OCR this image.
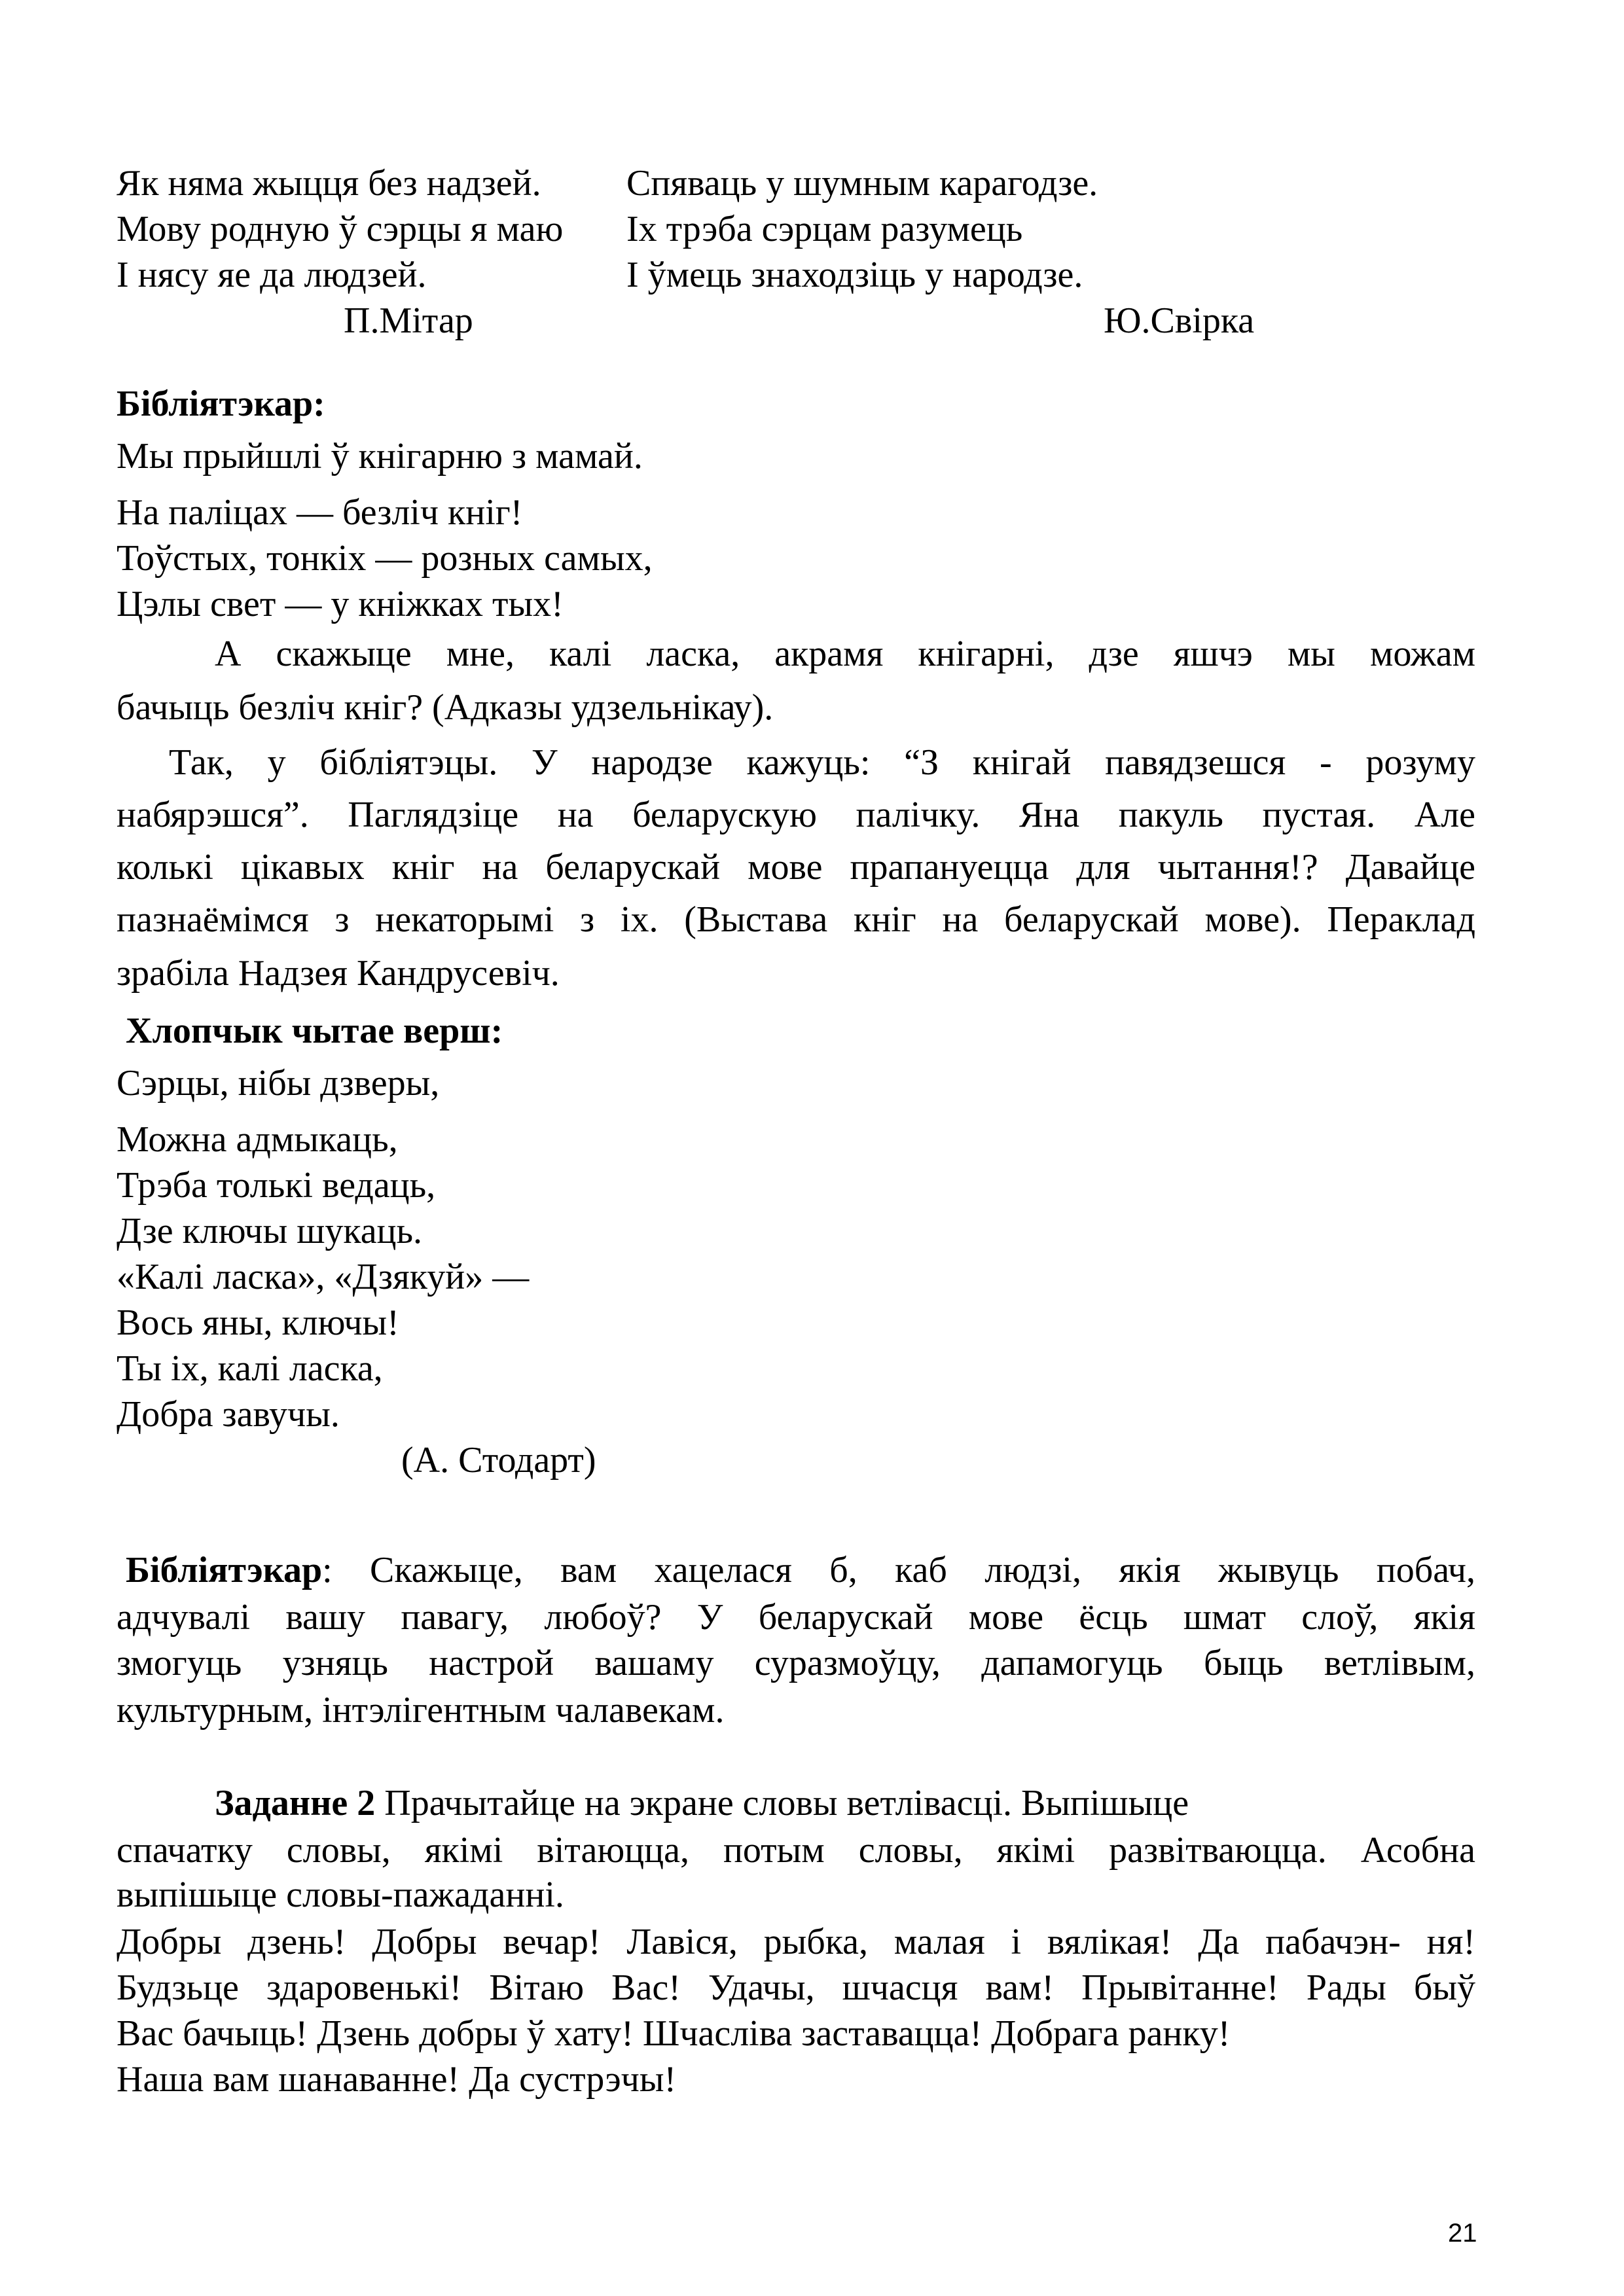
Як няма жыцця без надзей.
Мову родную ў сэрцы я маю
І нясу яе да людзей.
Спяваць у шумным карагодзе.
Іх трэба сэрцам разумець
І ўмець знаходзіць у народзе.
П.Мітар	Ю.Свірка
Бібліятэкар:
Мы прыйшлі ў кнігарню з мамай.
На паліцах — безліч кніг!
Тоўстых, тонкіх — розных самых,
Цэлы свет — у кніжках тых!
А скажыце мне, калі ласка, акрамя кнігарні, дзе яшчэ мы можам
бачыць безліч кніг? (Адказы удзельнікау).
Так, у бібліятэцы. У народзе кажуць: “З кнігай павядзешся - розуму
набярэшся”. Паглядзіце на беларускую палічку. Яна пакуль пустая. Але
колькі цікавых кніг на беларускай мове прапануецца для чытання!? Давайце
пазнаёмімся з некаторымі з іх. (Выстава кніг на беларускай мове). Пераклад
зрабіла Надзея Кандрусевіч.
Хлопчык чытае верш:
Сэрцы, нібы дзверы,
Можна адмыкаць,
Трэба толькі ведаць,
Дзе ключы шукаць.
«Калі ласка», «Дзякуй» —
Вось яны, ключы!
Ты іх, калі ласка,
Добра завучы.
(А. Стодарт)
Бібліятэкар: Скажыце, вам хацелася б, каб людзі, якія жывуць побач,
адчувалі вашу павагу, любоў? У беларускай мове ёсць шмат слоў, якія
змогуць узняць настрой вашаму суразмоўцу, дапамогуць быць ветлівым,
культурным, інтэлігентным чалавекам.
Заданне 2 Прачытайце на экране словы ветлівасці. Выпішыце
спачатку словы, якімі вітаюцца, потым словы, якімі развітваюцца. Асобна
выпішыце словы-пажаданні.
Добры дзень! Добры вечар! Лавіся, рыбка, малая і вялікая! Да пабачэн- ня!
Будзьце здаровенькі! Вітаю Вас! Удачы, шчасця вам! Прывітанне! Рады быў
Вас бачыць! Дзень добры ў хату! Шчаслiва заставацца! Добрага ранку!
Наша вам шанаванне! Да сустрэчы!
21
